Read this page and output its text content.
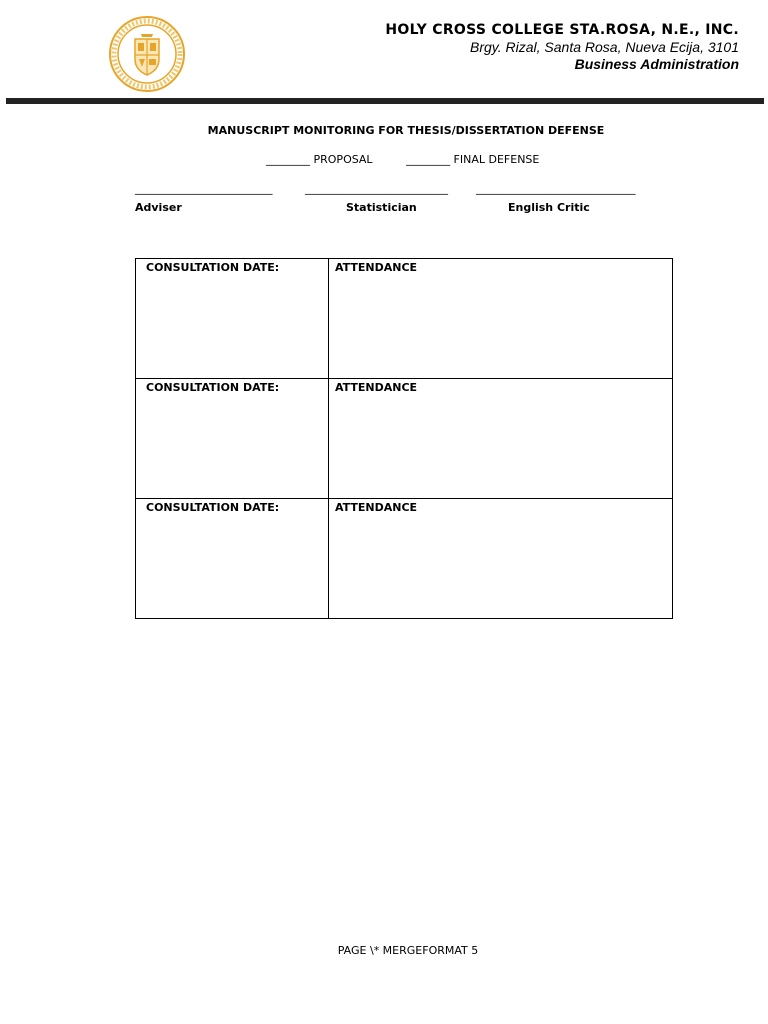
HOLY CROSS COLLEGE STA.ROSA, N.E., INC.
Brgy. Rizal, Santa Rosa, Nueva Ecija, 3101
Business Administration
MANUSCRIPT MONITORING FOR THESIS/DISSERTATION DEFENSE
________ PROPOSAL	________ FINAL DEFENSE
_________________________	__________________________	_____________________________
Adviser	Statistician	English Critic
CONSULTATION DATE:	ATTENDANCE
CONSULTATION DATE:	ATTENDANCE
CONSULTATION DATE:	ATTENDANCE
PAGE \* MERGEFORMAT 5
